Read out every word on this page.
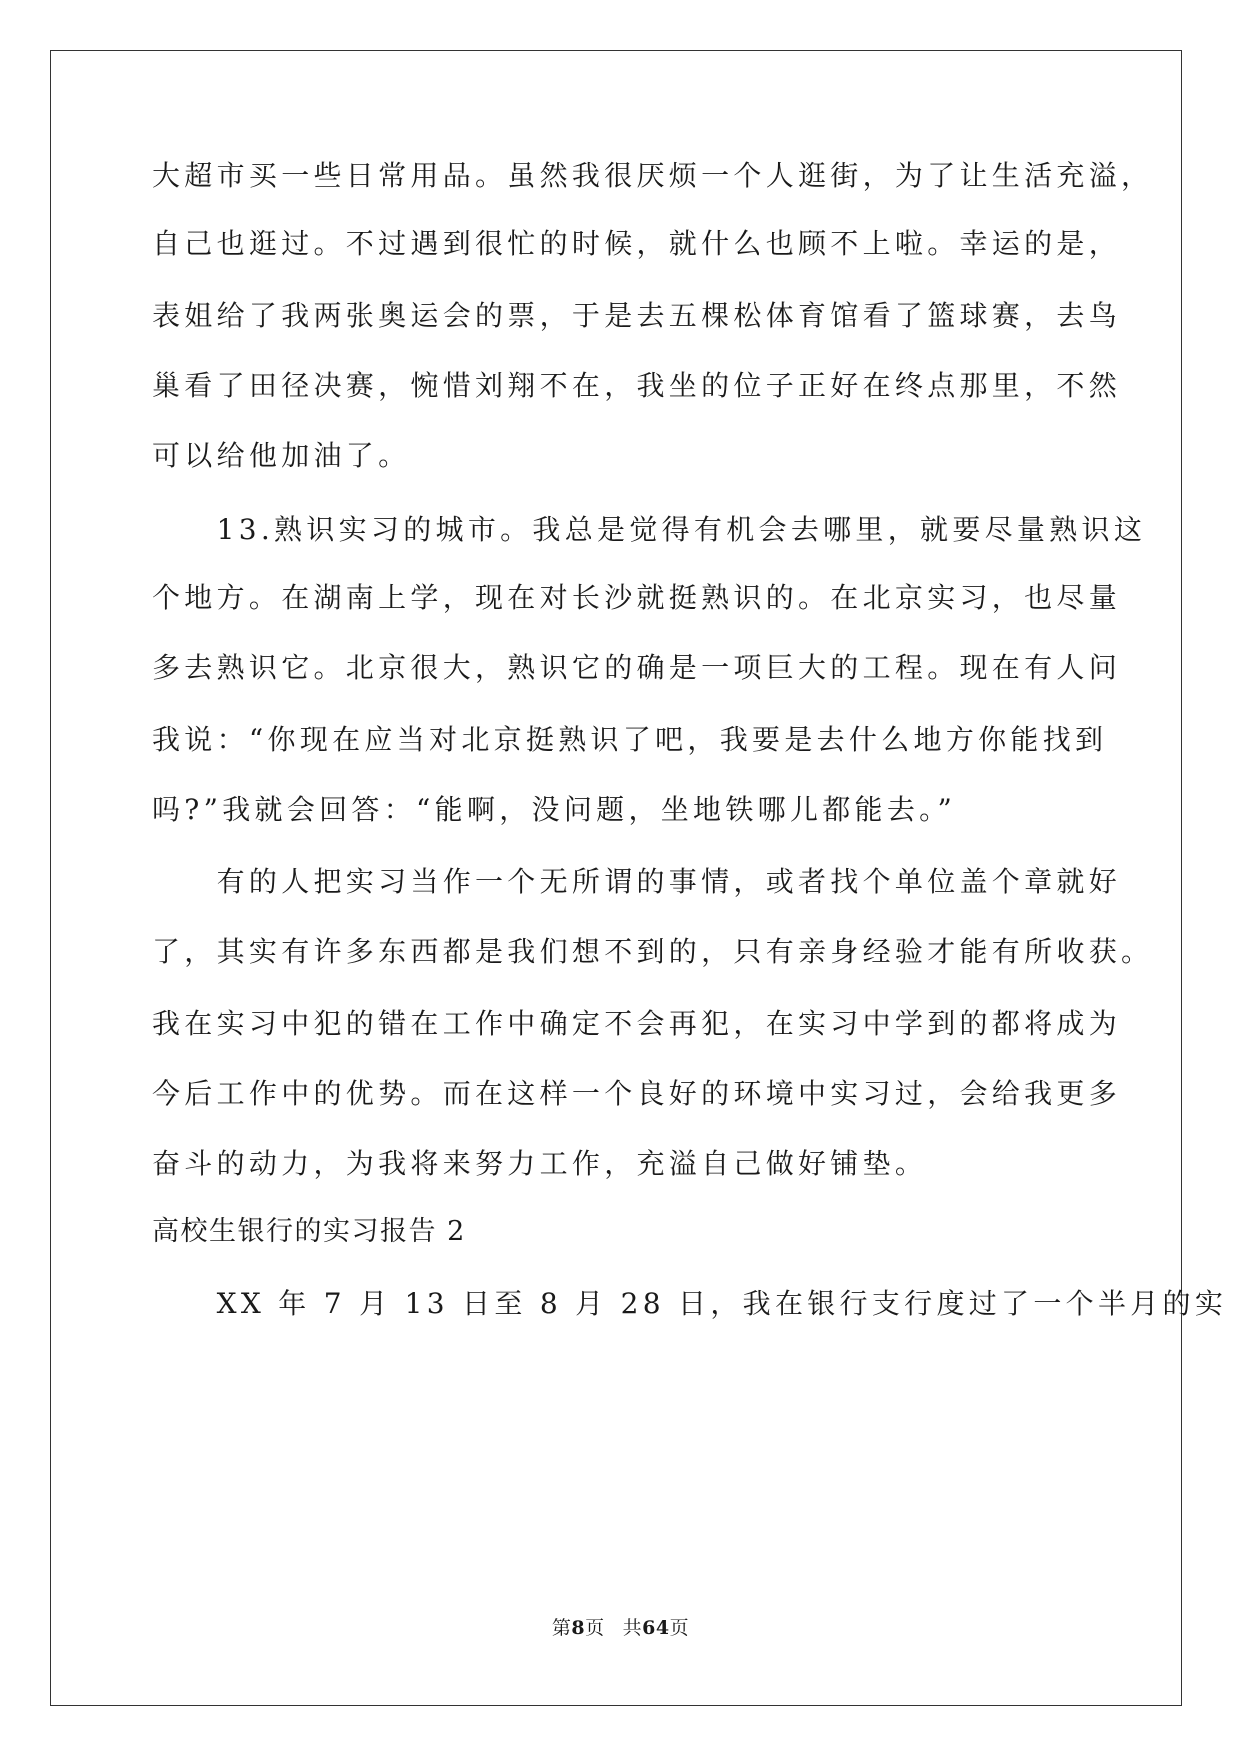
大超市买一些日常用品。虽然我很厌烦一个人逛街，为了让生活充溢，
自己也逛过。不过遇到很忙的时候，就什么也顾不上啦。幸运的是，
表姐给了我两张奥运会的票，于是去五棵松体育馆看了篮球赛，去鸟
巢看了田径决赛，惋惜刘翔不在，我坐的位子正好在终点那里，不然
可以给他加油了。
　　13.熟识实习的城市。我总是觉得有机会去哪里，就要尽量熟识这
个地方。在湖南上学，现在对长沙就挺熟识的。在北京实习，也尽量
多去熟识它。北京很大，熟识它的确是一项巨大的工程。现在有人问
我说：“你现在应当对北京挺熟识了吧，我要是去什么地方你能找到
吗?”我就会回答：“能啊，没问题，坐地铁哪儿都能去。”
　　有的人把实习当作一个无所谓的事情，或者找个单位盖个章就好
了，其实有许多东西都是我们想不到的，只有亲身经验才能有所收获。
我在实习中犯的错在工作中确定不会再犯，在实习中学到的都将成为
今后工作中的优势。而在这样一个良好的环境中实习过，会给我更多
奋斗的动力，为我将来努力工作，充溢自己做好铺垫。
高校生银行的实习报告 2
　　XX 年 7 月 13 日至 8 月 28 日，我在银行支行度过了一个半月的实
第8页 共64页
